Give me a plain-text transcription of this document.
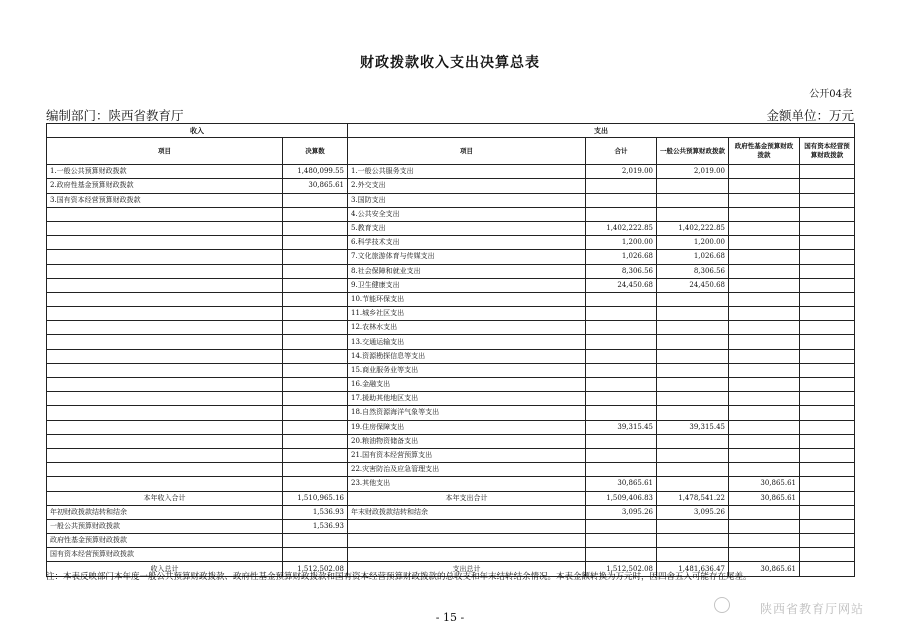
财政拨款收入支出决算总表
公开04表
编制部门：陕西省教育厅	金额单位：万元
收入		支出				
项目	决算数	项目	合计	一般公共预算财政拨款	政府性基金预算财政拨款	国有资本经营预算财政拨款
1.一般公共预算财政拨款	1,480,099.55	1.一般公共服务支出	2,019.00	2,019.00		
2.政府性基金预算财政拨款	30,865.61	2.外交支出				
3.国有资本经营预算财政拨款		3.国防支出				
		4.公共安全支出				
		5.教育支出	1,402,222.85	1,402,222.85		
		6.科学技术支出	1,200.00	1,200.00		
		7.文化旅游体育与传媒支出	1,026.68	1,026.68		
		8.社会保障和就业支出	8,306.56	8,306.56		
		9.卫生健康支出	24,450.68	24,450.68		
		10.节能环保支出				
		11.城乡社区支出				
		12.农林水支出				
		13.交通运输支出				
		14.资源勘探信息等支出				
		15.商业服务业等支出				
		16.金融支出				
		17.援助其他地区支出				
		18.自然资源海洋气象等支出				
		19.住房保障支出	39,315.45	39,315.45		
		20.粮油物资储备支出				
		21.国有资本经营预算支出				
		22.灾害防治及应急管理支出				
		23.其他支出	30,865.61		30,865.61	
本年收入合计	1,510,965.16	本年支出合计	1,509,406.83	1,478,541.22	30,865.61	
年初财政拨款结转和结余	1,536.93	年末财政拨款结转和结余	3,095.26	3,095.26		
一般公共预算财政拨款	1,536.93					
政府性基金预算财政拨款						
国有资本经营预算财政拨款						
收入总计	1,512,502.08	支出总计	1,512,502.08	1,481,636.47	30,865.61	
注：本表反映部门本年度一般公共预算财政拨款、政府性基金预算财政拨款和国有资本经营预算财政拨款的总收支和年末结转结余情况。本表金额转换为万元时，因四舍五入可能存在尾差。
- 15 -
陕西省教育厅网站
